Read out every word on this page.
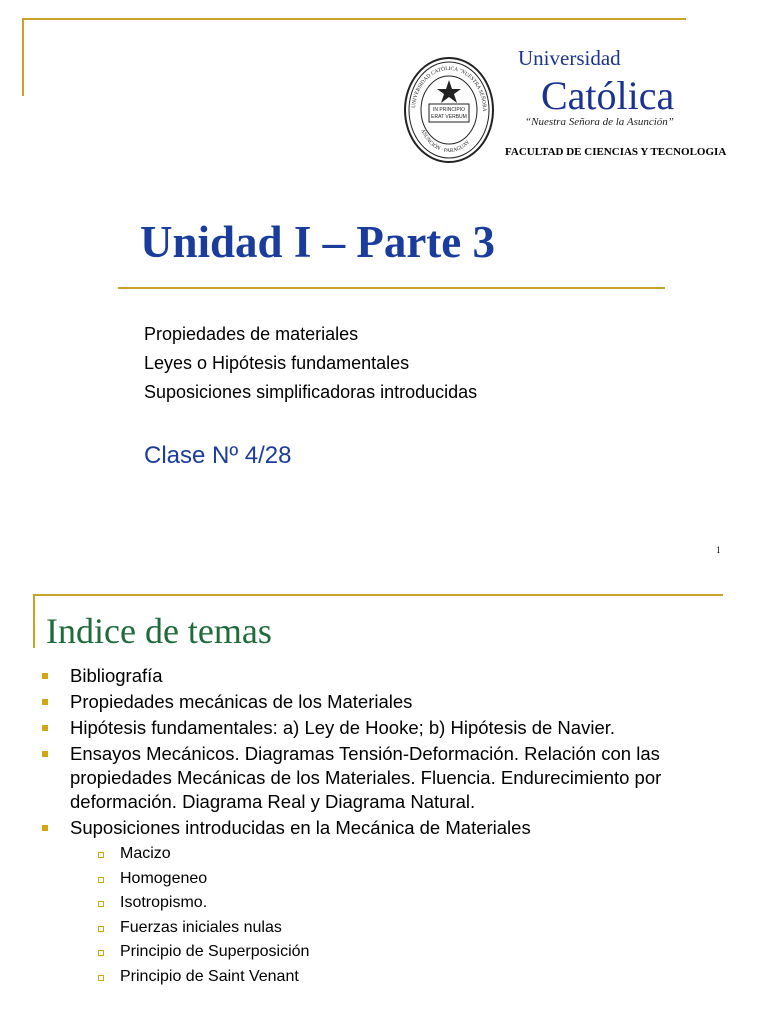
UNIVERSIDAD CATÓLICA "NUESTRA SEÑORA
ASUNCIÓN · PARAGUAY
IN PRINCIPIO
ERAT VERBUM
Universidad
Católica
“Nuestra Señora de la Asunción”
FACULTAD DE CIENCIAS Y TECNOLOGIA
Unidad I – Parte 3
Propiedades de materiales
Leyes o Hipótesis fundamentales
Suposiciones simplificadoras introducidas
Clase Nº 4/28
1
Indice de temas
Bibliografía
Propiedades mecánicas de los Materiales
Hipótesis fundamentales: a) Ley de Hooke; b) Hipótesis de Navier.
Ensayos Mecánicos. Diagramas Tensión-Deformación. Relación con las propiedades Mecánicas de los Materiales. Fluencia. Endurecimiento por deformación. Diagrama Real y Diagrama Natural.
Suposiciones introducidas en la Mecánica de Materiales
Macizo
Homogeneo
Isotropismo.
Fuerzas iniciales nulas
Principio de Superposición
Principio de Saint Venant
